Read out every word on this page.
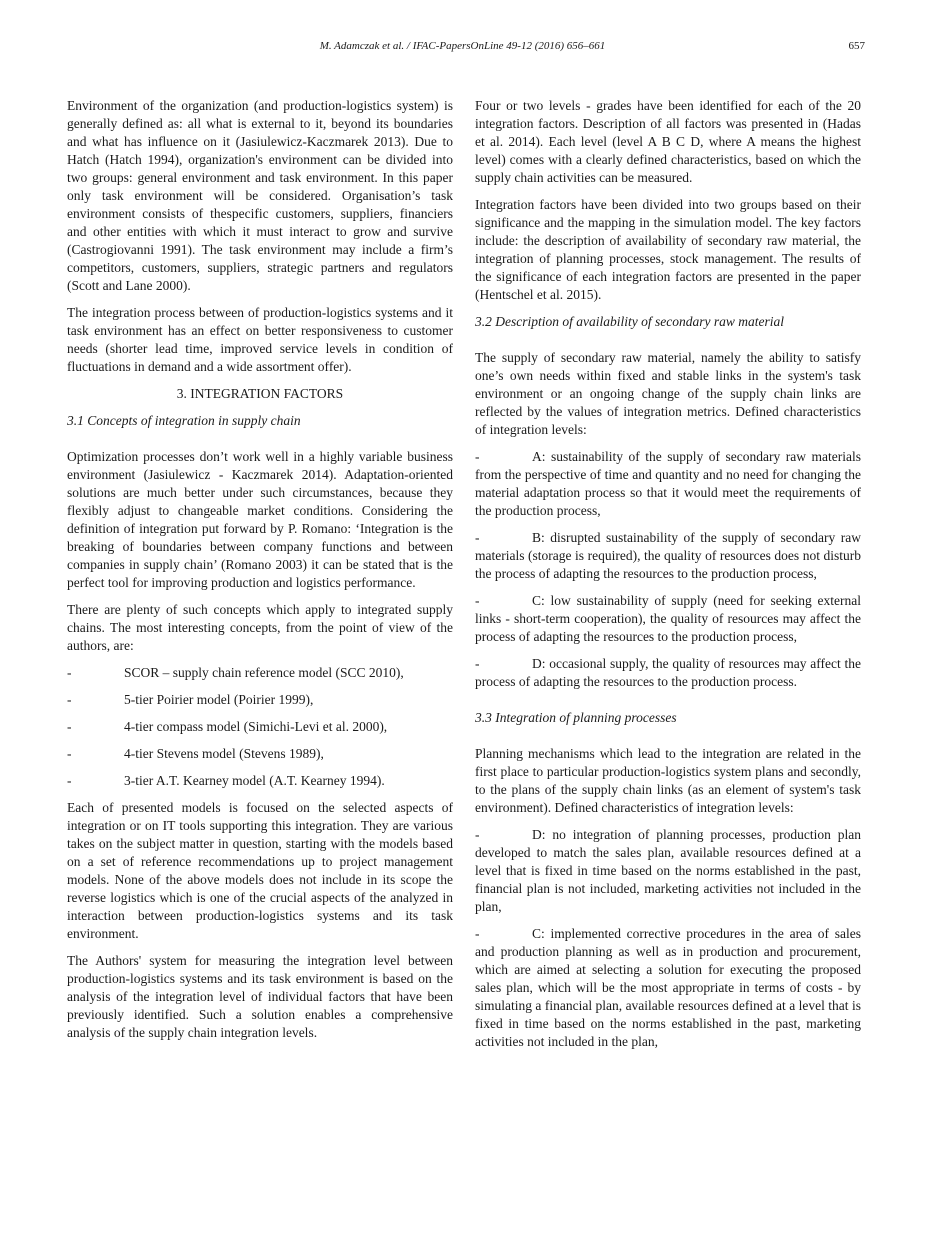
M. Adamczak et al. / IFAC-PapersOnLine 49-12 (2016) 656–661	657

Environment of the organization (and production-logistics system) is generally defined as: all what is external to it, beyond its boundaries and what has influence on it (Jasiulewicz-Kaczmarek 2013). Due to Hatch (Hatch 1994), organization's environment can be divided into two groups: general environment and task environment. In this paper only task environment will be considered. Organisation’s task environment consists of thespecific customers, suppliers, financiers and other entities with which it must interact to grow and survive (Castrogiovanni 1991). The task environment may include a firm’s competitors, customers, suppliers, strategic partners and regulators (Scott and Lane 2000).

The integration process between of production-logistics systems and it task environment has an effect on better responsiveness to customer needs (shorter lead time, improved service levels in condition of fluctuations in demand and a wide assortment offer).

3. INTEGRATION FACTORS
3.1 Concepts of integration in supply chain

Optimization processes don’t work well in a highly variable business environment (Jasiulewicz - Kaczmarek 2014). Adaptation-oriented solutions are much better under such circumstances, because they flexibly adjust to changeable market conditions. Considering the definition of integration put forward by P. Romano: ‘Integration is the breaking of boundaries between company functions and between companies in supply chain’ (Romano 2003) it can be stated that is the perfect tool for improving production and logistics performance.

There are plenty of such concepts which apply to integrated supply chains. The most interesting concepts, from the point of view of the authors, are:

-	SCOR – supply chain reference model (SCC 2010),
-	5-tier Poirier model (Poirier 1999),
-	4-tier compass model (Simichi-Levi et al. 2000),
-	4-tier Stevens model (Stevens 1989),
-	3-tier A.T. Kearney model (A.T. Kearney 1994).

Each of presented models is focused on the selected aspects of integration or on IT tools supporting this integration. They are various takes on the subject matter in question, starting with the models based on a set of reference recommendations up to project management models. None of the above models does not include in its scope the reverse logistics which is one of the crucial aspects of the analyzed in interaction between production-logistics systems and its task environment.

The Authors' system for measuring the integration level between production-logistics systems and its task environment is based on the analysis of the integration level of individual factors that have been previously identified. Such a solution enables a comprehensive analysis of the supply chain integration levels.

Four or two levels - grades have been identified for each of the 20 integration factors. Description of all factors was presented in (Hadas et al. 2014). Each level (level A B C D, where A means the highest level) comes with a clearly defined characteristics, based on which the supply chain activities can be measured.

Integration factors have been divided into two groups based on their significance and the mapping in the simulation model. The key factors include: the description of availability of secondary raw material, the integration of planning processes, stock management. The results of the significance of each integration factors are presented in the paper (Hentschel et al. 2015).

3.2 Description of availability of secondary raw material

The supply of secondary raw material, namely the ability to satisfy one’s own needs within fixed and stable links in the system's task environment or an ongoing change of the supply chain links are reflected by the values of integration metrics. Defined characteristics of integration levels:

-	A: sustainability of the supply of secondary raw materials from the perspective of time and quantity and no need for changing the material adaptation process so that it would meet the requirements of the production process,

-	B: disrupted sustainability of the supply of secondary raw materials (storage is required), the quality of resources does not disturb the process of adapting the resources to the production process,

-	C: low sustainability of supply (need for seeking external links - short-term cooperation), the quality of resources may affect the process of adapting the resources to the production process,

-	D: occasional supply, the quality of resources may affect the process of adapting the resources to the production process.

3.3 Integration of planning processes

Planning mechanisms which lead to the integration are related in the first place to particular production-logistics system plans and secondly, to the plans of the supply chain links (as an element of system's task environment). Defined characteristics of integration levels:

-	D: no integration of planning processes, production plan developed to match the sales plan, available resources defined at a level that is fixed in time based on the norms established in the past, financial plan is not included, marketing activities not included in the plan,

-	C: implemented corrective procedures in the area of sales and production planning as well as in production and procurement, which are aimed at selecting a solution for executing the proposed sales plan, which will be the most appropriate in terms of costs - by simulating a financial plan, available resources defined at a level that is fixed in time based on the norms established in the past, marketing activities not included in the plan,
